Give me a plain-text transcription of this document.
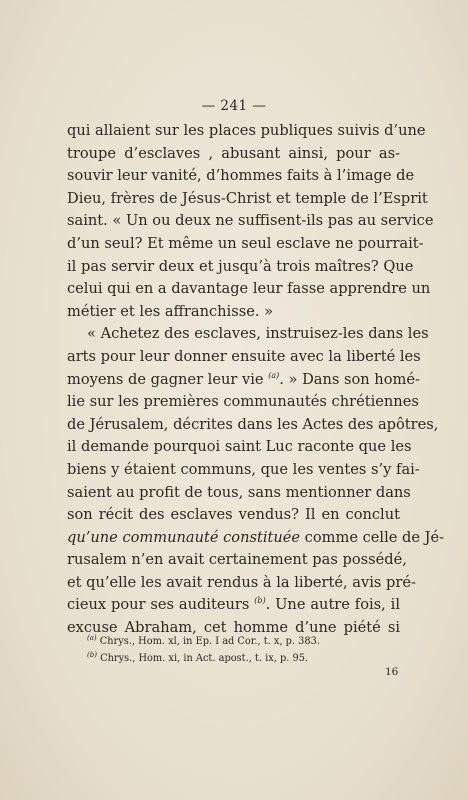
— 241 —
qui allaient sur les places publiques suivis d’une
troupe d’esclaves , abusant ainsi, pour as-
souvir leur vanité, d’hommes faits à l’image de
Dieu, frères de Jésus-Christ et temple de l’Esprit
saint. « Un ou deux ne suffisent-ils pas au service
d’un seul? Et même un seul esclave ne pourrait-
il pas servir deux et jusqu’à trois maîtres? Que
celui qui en a davantage leur fasse apprendre un
métier et les affranchisse. »
« Achetez des esclaves, instruisez-les dans les
arts pour leur donner ensuite avec la liberté les
moyens de gagner leur vie $^{(a)}$. » Dans son homé-
lie sur les premières communautés chrétiennes
de Jérusalem, décrites dans les Actes des apôtres,
il demande pourquoi saint Luc raconte que les
biens y étaient communs, que les ventes s’y fai-
saient au profit de tous, sans mentionner dans
son récit des esclaves vendus? Il en conclut
qu’une communauté constituée comme celle de Jé-
rusalem n’en avait certainement pas possédé,
et qu’elle les avait rendus à la liberté, avis pré-
cieux pour ses auditeurs $^{(b)}$. Une autre fois, il
excuse Abraham, cet homme d’une piété si
$^{(a)}$ Chrys., Hom. xl, in Ep. I ad Cor., t. x, p. 383.
$^{(b)}$ Chrys., Hom. xi, in Act. apost., t. ix, p. 95.
16
